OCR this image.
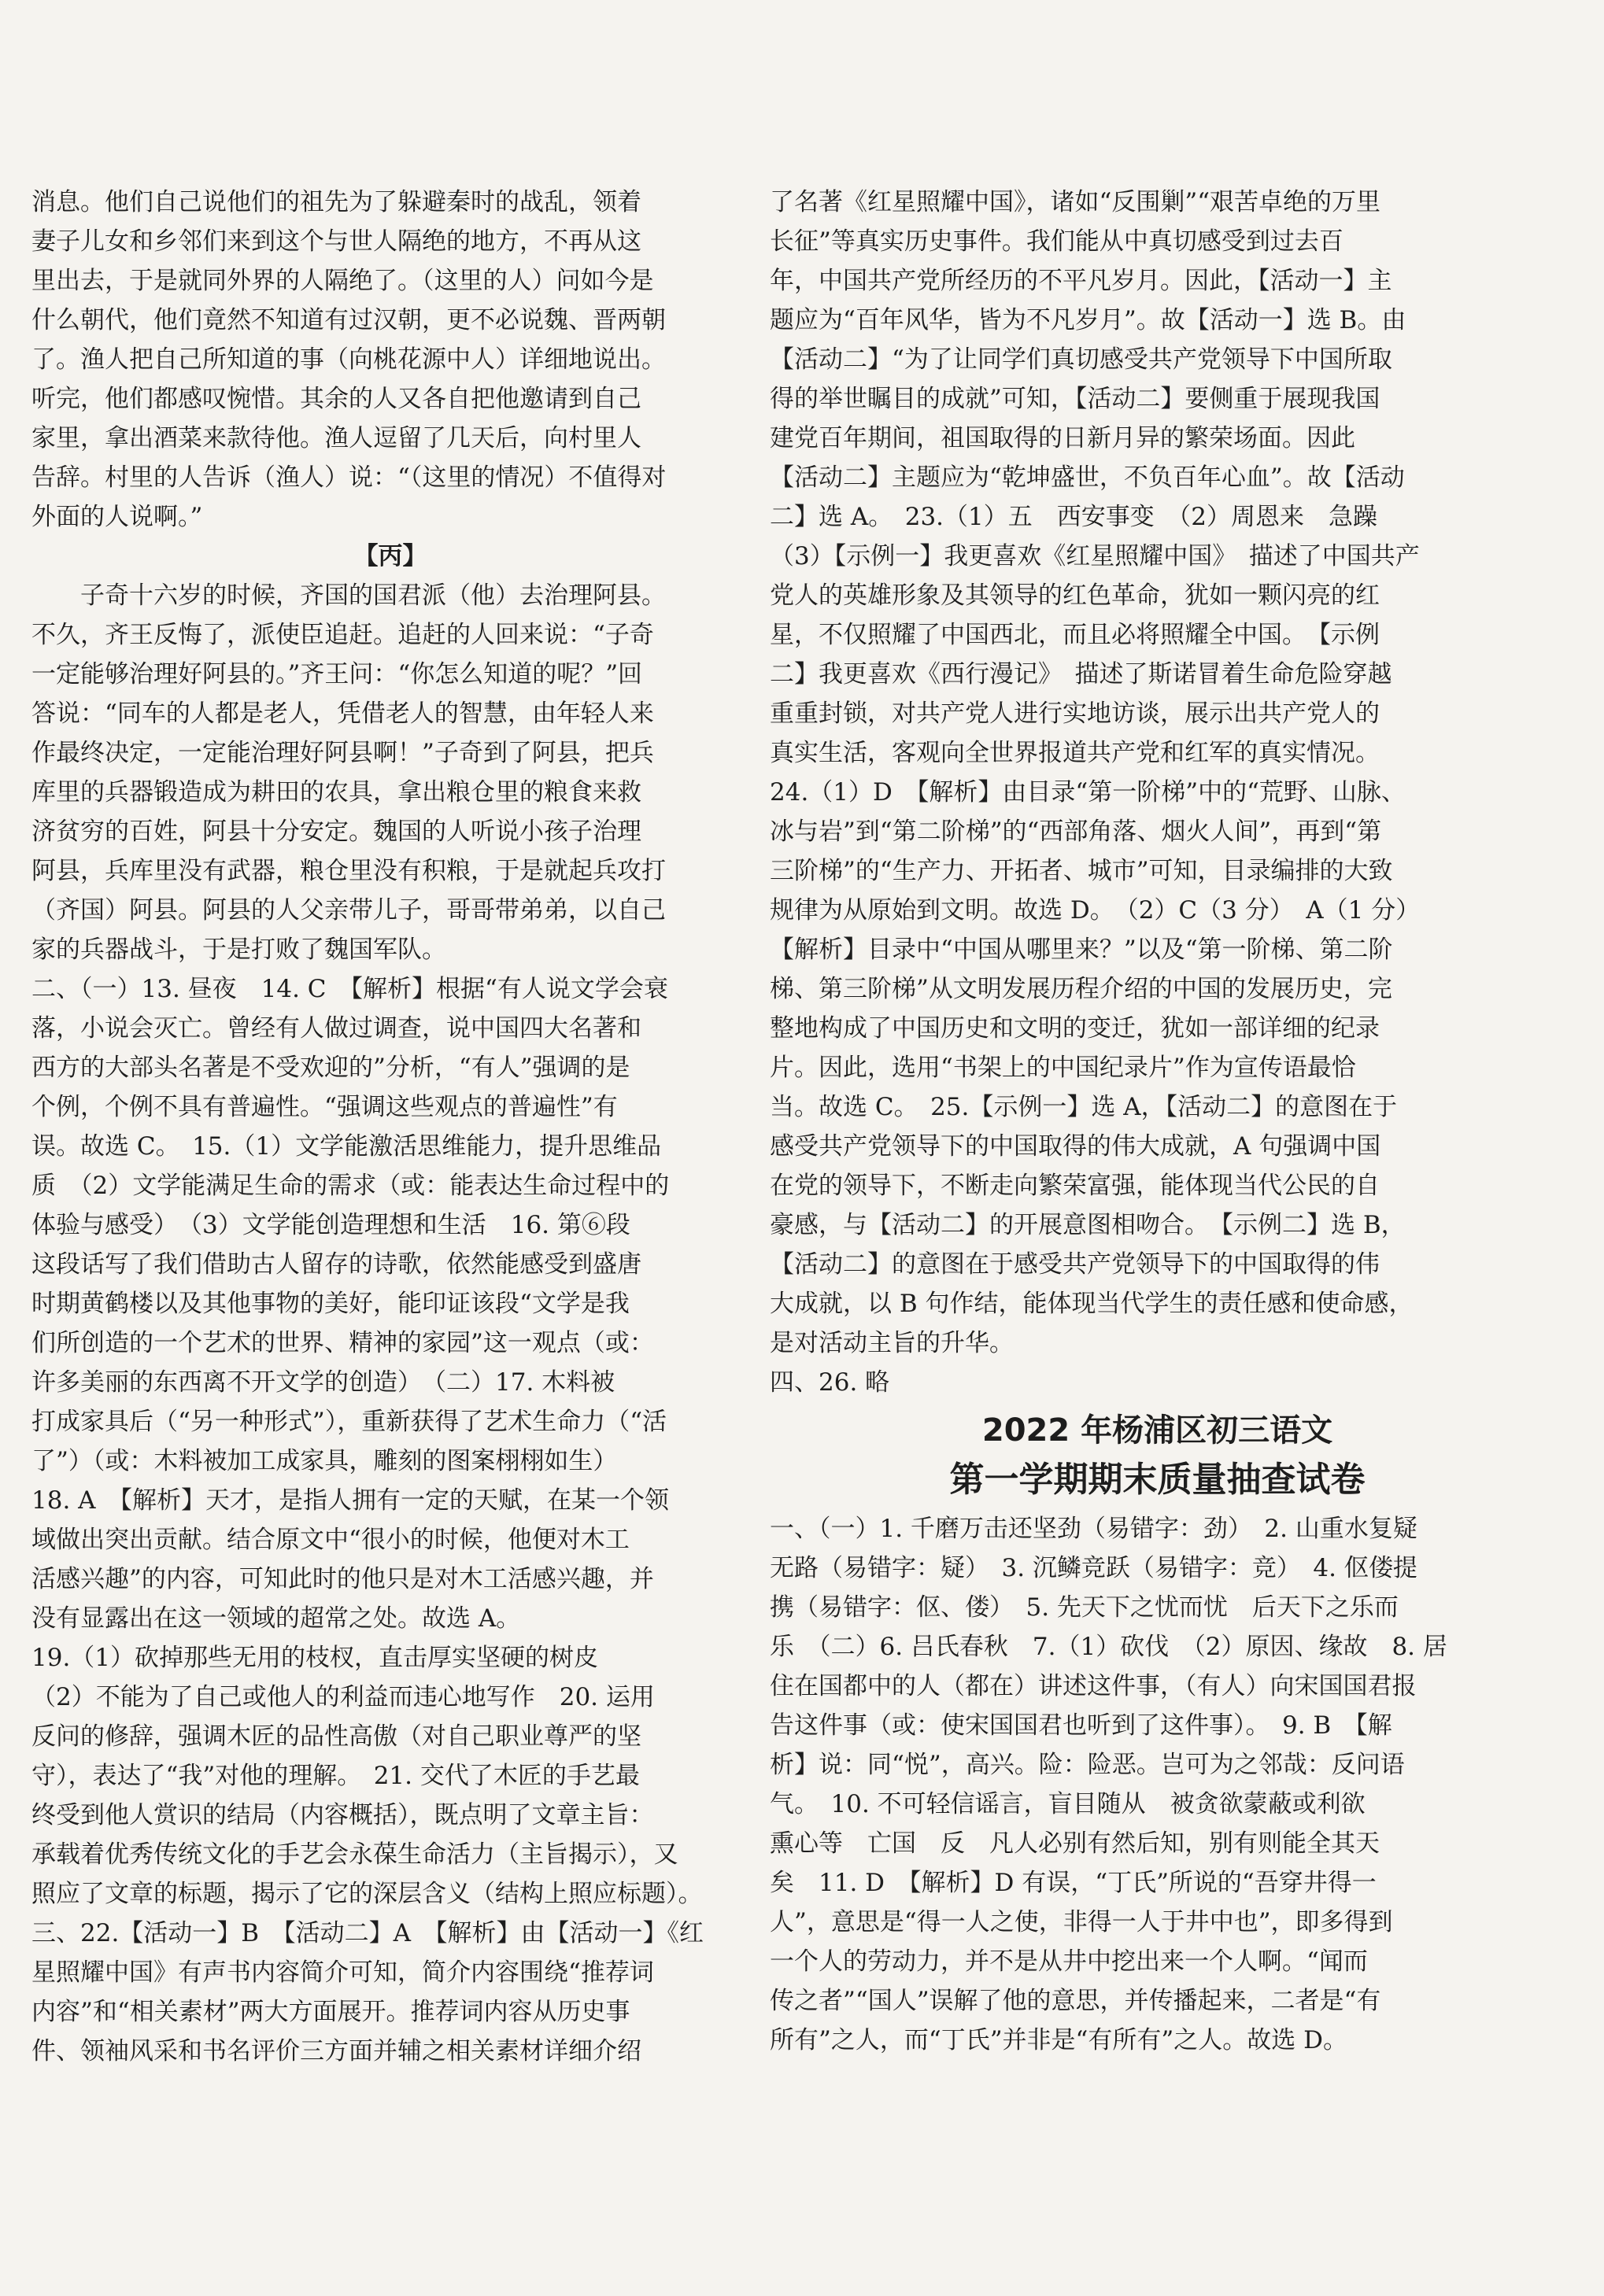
消息。他们自己说他们的祖先为了躲避秦时的战乱，领着
妻子儿女和乡邻们来到这个与世人隔绝的地方，不再从这
里出去，于是就同外界的人隔绝了。（这里的人）问如今是
什么朝代，他们竟然不知道有过汉朝，更不必说魏、晋两朝
了。渔人把自己所知道的事（向桃花源中人）详细地说出。
听完，他们都感叹惋惜。其余的人又各自把他邀请到自己
家里，拿出酒菜来款待他。渔人逗留了几天后，向村里人
告辞。村里的人告诉（渔人）说：“（这里的情况）不值得对
外面的人说啊。”
【丙】
子奇十六岁的时候，齐国的国君派（他）去治理阿县。
不久，齐王反悔了，派使臣追赶。追赶的人回来说：“子奇
一定能够治理好阿县的。”齐王问：“你怎么知道的呢？”回
答说：“同车的人都是老人，凭借老人的智慧，由年轻人来
作最终决定，一定能治理好阿县啊！”子奇到了阿县，把兵
库里的兵器锻造成为耕田的农具，拿出粮仓里的粮食来救
济贫穷的百姓，阿县十分安定。魏国的人听说小孩子治理
阿县，兵库里没有武器，粮仓里没有积粮，于是就起兵攻打
（齐国）阿县。阿县的人父亲带儿子，哥哥带弟弟，以自己
家的兵器战斗，于是打败了魏国军队。
二、（一）13. 昼夜　14. C　【解析】根据“有人说文学会衰
落，小说会灭亡。曾经有人做过调查，说中国四大名著和
西方的大部头名著是不受欢迎的”分析，“有人”强调的是
个例，个例不具有普遍性。“强调这些观点的普遍性”有
误。故选 C。　15.（1）文学能激活思维能力，提升思维品
质　（2）文学能满足生命的需求（或：能表达生命过程中的
体验与感受）　（3）文学能创造理想和生活　16. 第⑥段
这段话写了我们借助古人留存的诗歌，依然能感受到盛唐
时期黄鹤楼以及其他事物的美好，能印证该段“文学是我
们所创造的一个艺术的世界、精神的家园”这一观点（或：
许多美丽的东西离不开文学的创造）　（二）17. 木料被
打成家具后（“另一种形式”），重新获得了艺术生命力（“活
了”）（或：木料被加工成家具，雕刻的图案栩栩如生）
18. A　【解析】天才，是指人拥有一定的天赋，在某一个领
域做出突出贡献。结合原文中“很小的时候，他便对木工
活感兴趣”的内容，可知此时的他只是对木工活感兴趣，并
没有显露出在这一领域的超常之处。故选 A。
19.（1）砍掉那些无用的枝杈，直击厚实坚硬的树皮
（2）不能为了自己或他人的利益而违心地写作　20. 运用
反问的修辞，强调木匠的品性高傲（对自己职业尊严的坚
守），表达了“我”对他的理解。　21. 交代了木匠的手艺最
终受到他人赏识的结局（内容概括），既点明了文章主旨：
承载着优秀传统文化的手艺会永葆生命活力（主旨揭示），又
照应了文章的标题，揭示了它的深层含义（结构上照应标题）。
三、22.【活动一】B　【活动二】A　【解析】由【活动一】《红
星照耀中国》有声书内容简介可知，简介内容围绕“推荐词
内容”和“相关素材”两大方面展开。推荐词内容从历史事
件、领袖风采和书名评价三方面并辅之相关素材详细介绍
了名著《红星照耀中国》，诸如“反围剿”“艰苦卓绝的万里
长征”等真实历史事件。我们能从中真切感受到过去百
年，中国共产党所经历的不平凡岁月。因此，【活动一】主
题应为“百年风华，皆为不凡岁月”。故【活动一】选 B。由
【活动二】“为了让同学们真切感受共产党领导下中国所取
得的举世瞩目的成就”可知，【活动二】要侧重于展现我国
建党百年期间，祖国取得的日新月异的繁荣场面。因此
【活动二】主题应为“乾坤盛世，不负百年心血”。故【活动
二】选 A。　23.（1）五　西安事变　（2）周恩来　急躁
（3）【示例一】我更喜欢《红星照耀中国》　描述了中国共产
党人的英雄形象及其领导的红色革命，犹如一颗闪亮的红
星，不仅照耀了中国西北，而且必将照耀全中国。　【示例
二】我更喜欢《西行漫记》　描述了斯诺冒着生命危险穿越
重重封锁，对共产党人进行实地访谈，展示出共产党人的
真实生活，客观向全世界报道共产党和红军的真实情况。
24.（1）D　【解析】由目录“第一阶梯”中的“荒野、山脉、
冰与岩”到“第二阶梯”的“西部角落、烟火人间”，再到“第
三阶梯”的“生产力、开拓者、城市”可知，目录编排的大致
规律为从原始到文明。故选 D。　（2）C（3 分）　A（1 分）
【解析】目录中“中国从哪里来？”以及“第一阶梯、第二阶
梯、第三阶梯”从文明发展历程介绍的中国的发展历史，完
整地构成了中国历史和文明的变迁，犹如一部详细的纪录
片。因此，选用“书架上的中国纪录片”作为宣传语最恰
当。故选 C。　25.【示例一】选 A，【活动二】的意图在于
感受共产党领导下的中国取得的伟大成就，A 句强调中国
在党的领导下，不断走向繁荣富强，能体现当代公民的自
豪感，与【活动二】的开展意图相吻合。　【示例二】选 B，
【活动二】的意图在于感受共产党领导下的中国取得的伟
大成就，以 B 句作结，能体现当代学生的责任感和使命感，
是对活动主旨的升华。
四、26. 略
2022 年杨浦区初三语文
第一学期期末质量抽查试卷
一、（一）1. 千磨万击还坚劲（易错字：劲）　2. 山重水复疑
无路（易错字：疑）　3. 沉鳞竞跃（易错字：竞）　4. 伛偻提
携（易错字：伛、偻）　5. 先天下之忧而忧　后天下之乐而
乐　（二）6. 吕氏春秋　7.（1）砍伐　（2）原因、缘故　8. 居
住在国都中的人（都在）讲述这件事，（有人）向宋国国君报
告这件事（或：使宋国国君也听到了这件事）。　9. B　【解
析】说：同“悦”，高兴。险：险恶。岂可为之邻哉：反问语
气。　10. 不可轻信谣言，盲目随从　被贪欲蒙蔽或利欲
熏心等　亡国　反　凡人必别有然后知，别有则能全其天
矣　11. D　【解析】D 有误，“丁氏”所说的“吾穿井得一
人”，意思是“得一人之使，非得一人于井中也”，即多得到
一个人的劳动力，并不是从井中挖出来一个人啊。“闻而
传之者”“国人”误解了他的意思，并传播起来，二者是“有
所有”之人，而“丁氏”并非是“有所有”之人。故选 D。
